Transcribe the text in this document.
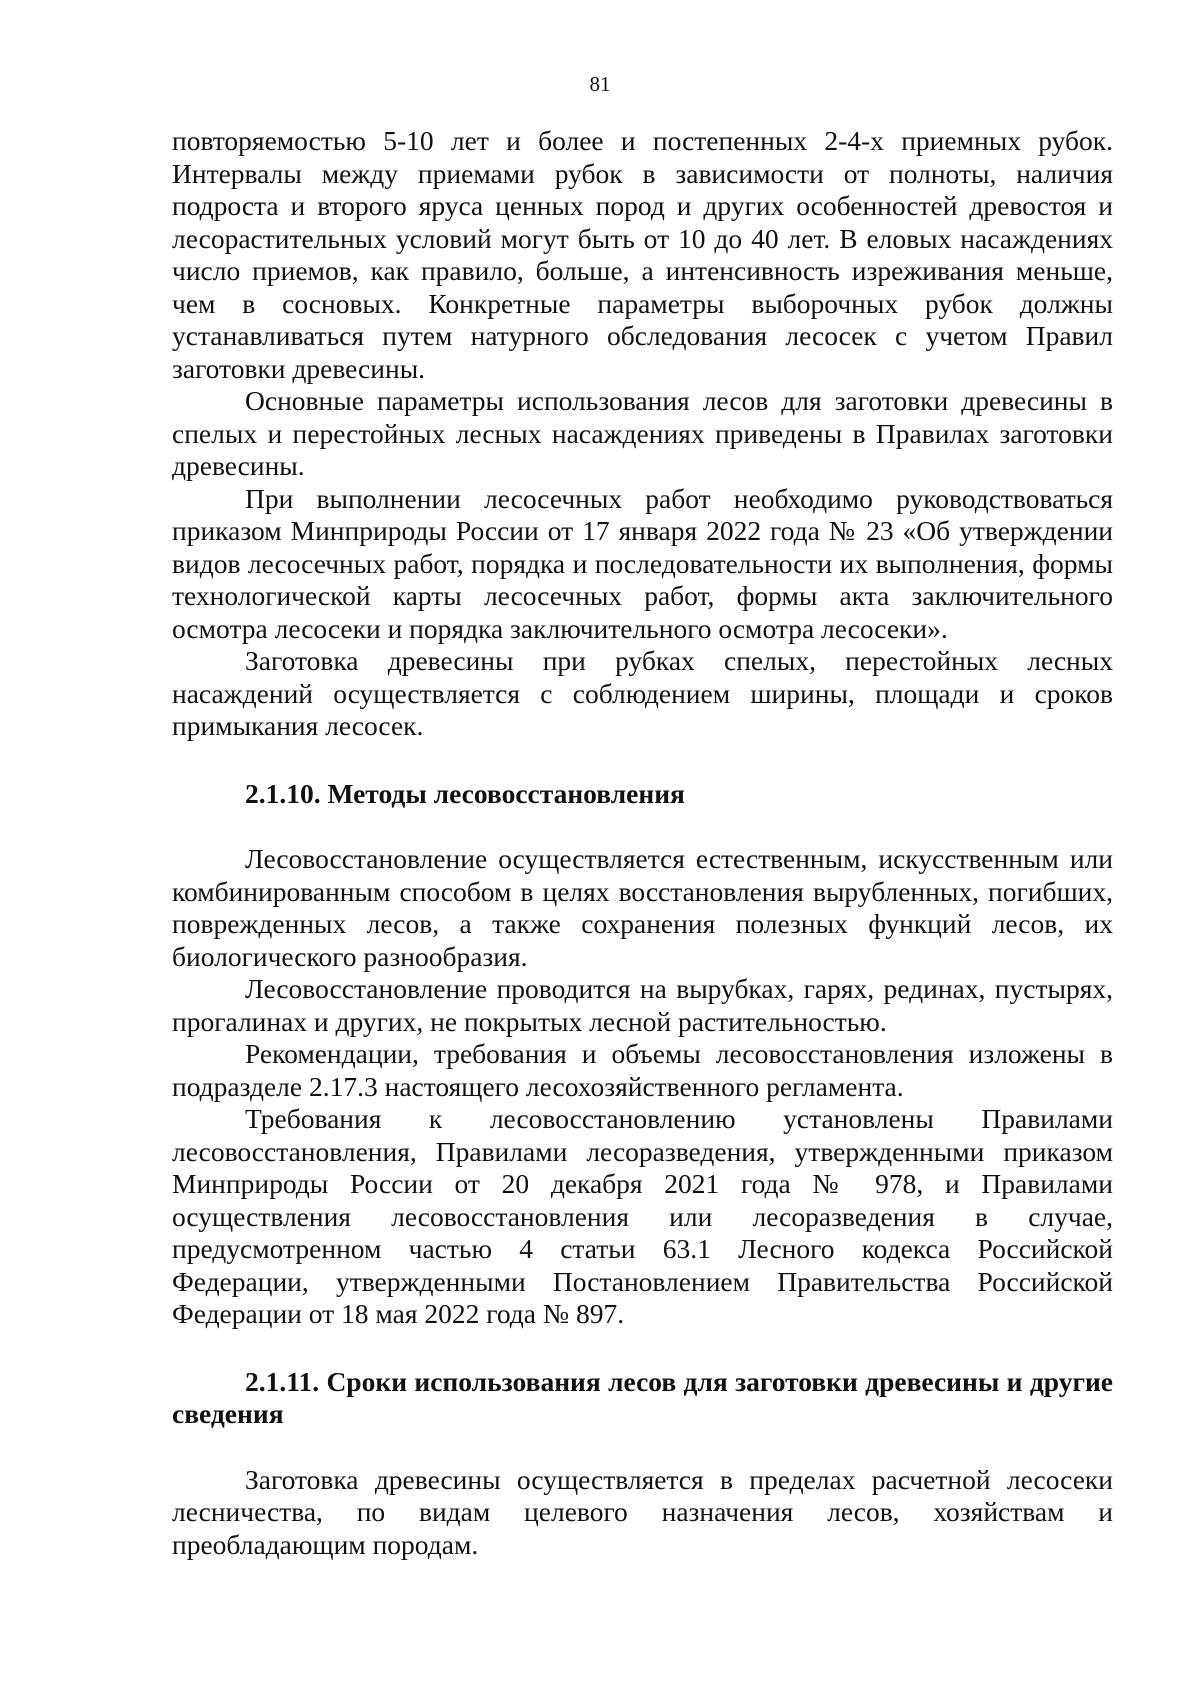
81

повторяемостью 5-10 лет и более и постепенных 2-4-х приемных рубок. Интервалы между приемами рубок в зависимости от полноты, наличия подроста и второго яруса ценных пород и других особенностей древостоя и лесорастительных условий могут быть от 10 до 40 лет. В еловых насаждениях число приемов, как правило, больше, а интенсивность изреживания меньше, чем в сосновых. Конкретные параметры выборочных рубок должны устанавливаться путем натурного обследования лесосек с учетом Правил заготовки древесины.

Основные параметры использования лесов для заготовки древесины в спелых и перестойных лесных насаждениях приведены в Правилах заготовки древесины.

При выполнении лесосечных работ необходимо руководствоваться приказом Минприроды России от 17 января 2022 года № 23 «Об утверждении видов лесосечных работ, порядка и последовательности их выполнения, формы технологической карты лесосечных работ, формы акта заключительного осмотра лесосеки и порядка заключительного осмотра лесосеки».

Заготовка древесины при рубках спелых, перестойных лесных насаждений осуществляется с соблюдением ширины, площади и сроков примыкания лесосек.

2.1.10. Методы лесовосстановления

Лесовосстановление осуществляется естественным, искусственным или комбинированным способом в целях восстановления вырубленных, погибших, поврежденных лесов, а также сохранения полезных функций лесов, их биологического разнообразия.

Лесовосстановление проводится на вырубках, гарях, рединах, пустырях, прогалинах и других, не покрытых лесной растительностью.

Рекомендации, требования и объемы лесовосстановления изложены в подразделе 2.17.3 настоящего лесохозяйственного регламента.

Требования к лесовосстановлению установлены Правилами лесовосстановления, Правилами лесоразведения, утвержденными приказом Минприроды России от 20 декабря 2021 года № 978, и Правилами осуществления лесовосстановления или лесоразведения в случае, предусмотренном частью 4 статьи 63.1 Лесного кодекса Российской Федерации, утвержденными Постановлением Правительства Российской Федерации от 18 мая 2022 года № 897.

2.1.11. Сроки использования лесов для заготовки древесины и другие сведения

Заготовка древесины осуществляется в пределах расчетной лесосеки лесничества, по видам целевого назначения лесов, хозяйствам и преобладающим породам.
